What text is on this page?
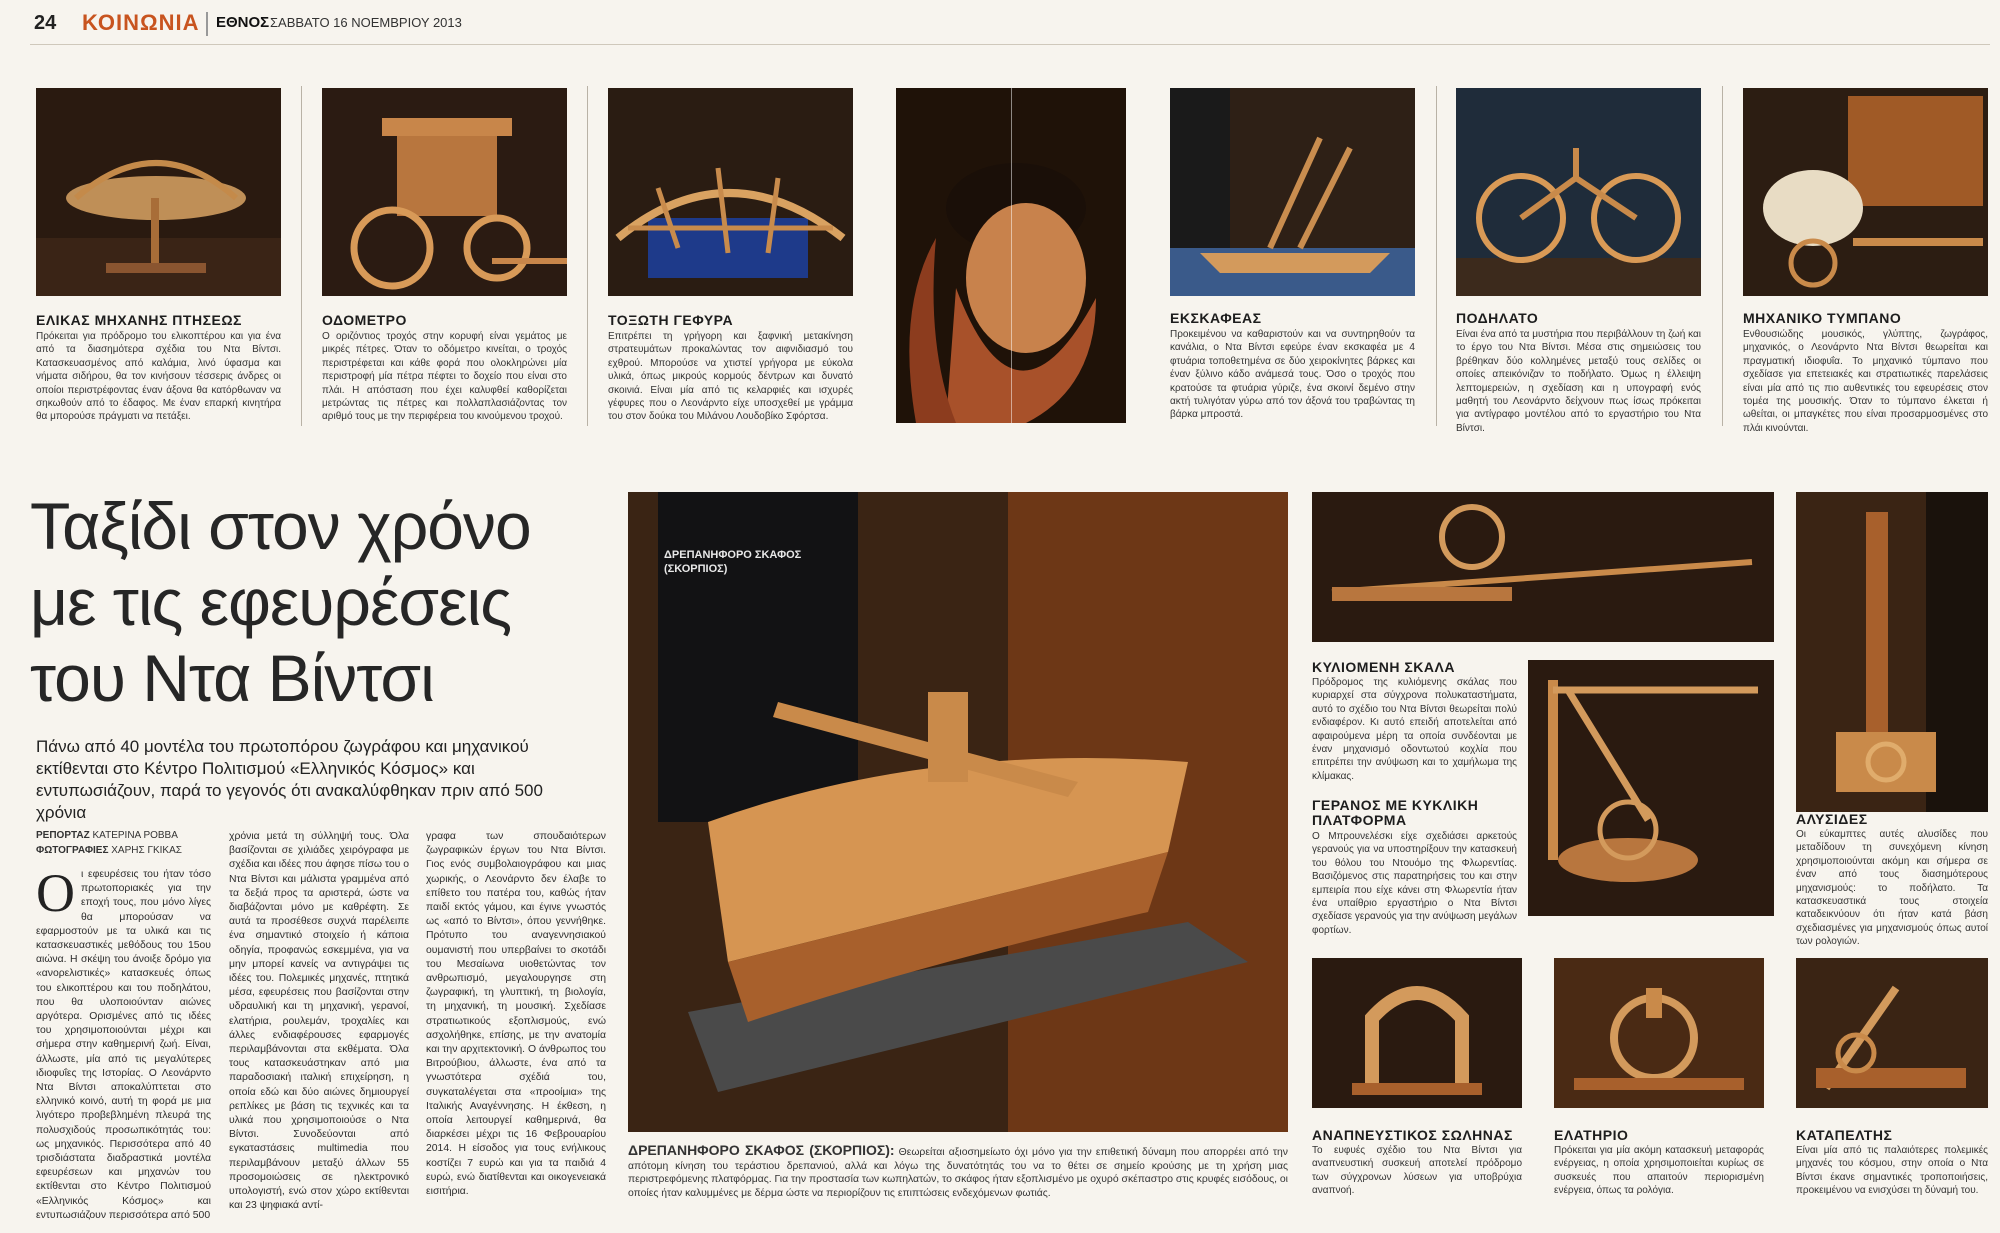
24 ΚΟΙΝΩΝΙΑ ΕΘΝΟΣ ΣΑΒΒΑΤΟ 16 ΝΟΕΜΒΡΙΟΥ 2013
ΕΛΙΚΑΣ ΜΗΧΑΝΗΣ ΠΤΗΣΕΩΣ
Πρόκειται για πρόδρομο του ελικοπτέρου και για ένα από τα διασημότερα σχέδια του Ντα Βίντσι. Κατασκευασμένος από καλάμια, λινό ύφασμα και νήματα σιδήρου, θα τον κινήσουν τέσσερις άνδρες οι οποίοι περιστρέφοντας έναν άξονα θα κατόρθωναν να σηκωθούν από το έδαφος. Με έναν επαρκή κινητήρα θα μπορούσε πράγματι να πετάξει.
ΟΔΟΜΕΤΡΟ
Ο οριζόντιος τροχός στην κορυφή είναι γεμάτος με μικρές πέτρες. Όταν το οδόμετρο κινείται, ο τροχός περιστρέφεται και κάθε φορά που ολοκληρώνει μία περιστροφή μία πέτρα πέφτει το δοχείο που είναι στο πλάι. Η απόσταση που έχει καλυφθεί καθορίζεται μετρώντας τις πέτρες και πολλαπλασιάζοντας τον αριθμό τους με την περιφέρεια του κινούμενου τροχού.
ΤΟΞΩΤΗ ΓΕΦΥΡΑ
Επιτρέπει τη γρήγορη και ξαφνική μετακίνηση στρατευμάτων προκαλώντας τον αιφνιδιασμό του εχθρού. Μπορούσε να χτιστεί γρήγορα με εύκολα υλικά, όπως μικρούς κορμούς δέντρων και δυνατό σκοινιά. Είναι μία από τις κελαρφιές και ισχυρές γέφυρες που ο Λεονάρντο είχε υποσχεθεί με γράμμα του στον δούκα του Μιλάνου Λουδοβίκο Σφόρτσα.
ΕΚΣΚΑΦΕΑΣ
Προκειμένου να καθαριστούν και να συντηρηθούν τα κανάλια, ο Ντα Βίντσι εφεύρε έναν εκσκαφέα με 4 φτυάρια τοποθετημένα σε δύο χειροκίνητες βάρκες και έναν ξύλινο κάδο ανάμεσά τους. Όσο ο τροχός που κρατούσε τα φτυάρια γύριζε, ένα σκοινί δεμένο στην ακτή τυλιγόταν γύρω από τον άξονά του τραβώντας τη βάρκα μπροστά.
ΠΟΔΗΛΑΤΟ
Είναι ένα από τα μυστήρια που περιβάλλουν τη ζωή και το έργο του Ντα Βίντσι. Μέσα στις σημειώσεις του βρέθηκαν δύο κολλημένες μεταξύ τους σελίδες οι οποίες απεικόνιζαν το ποδήλατο. Όμως η έλλειψη λεπτομερειών, η σχεδίαση και η υπογραφή ενός μαθητή του Λεονάρντο δείχνουν πως ίσως πρόκειται για αντίγραφο μοντέλου από το εργαστήριο του Ντα Βίντσι.
ΜΗΧΑΝΙΚΟ ΤΥΜΠΑΝΟ
Ενθουσιώδης μουσικός, γλύπτης, ζωγράφος, μηχανικός, ο Λεονάρντο Ντα Βίντσι θεωρείται και πραγματική ιδιοφυΐα. Το μηχανικό τύμπανο που σχεδίασε για επετειακές και στρατιωτικές παρελάσεις είναι μία από τις πιο αυθεντικές του εφευρέσεις στον τομέα της μουσικής. Όταν το τύμπανο έλκεται ή ωθείται, οι μπαγκέτες που είναι προσαρμοσμένες στο πλάι κινούνται.
Ταξίδι στον χρόνο με τις εφευρέσεις του Ντα Βίντσι
Πάνω από 40 μοντέλα του πρωτοπόρου ζωγράφου και μηχανικού εκτίθενται στο Κέντρο Πολιτισμού «Ελληνικός Κόσμος» και εντυπωσιάζουν, παρά το γεγονός ότι ανακαλύφθηκαν πριν από 500 χρόνια
ΡΕΠΟΡΤΑΖ ΚΑΤΕΡΙΝΑ ΡΟΒΒΑ
ΦΩΤΟΓΡΑΦΙΕΣ ΧΑΡΗΣ ΓΚΙΚΑΣ
Οι εφευρέσεις του ήταν τόσο πρωτοποριακές για την εποχή τους, που μόνο λίγες θα μπορούσαν να εφαρμοστούν με τα υλικά και τις κατασκευαστικές μεθόδους του 15ου αιώνα. Η σκέψη του άνοιξε δρόμο για «ανορελιστικές» κατασκευές όπως του ελικοπτέρου και του ποδηλάτου, που θα υλοποιούνταν αιώνες αργότερα. Ορισμένες από τις ιδέες του χρησιμοποιούνται μέχρι και σήμερα στην καθημερινή ζωή. Είναι, άλλωστε, μία από τις μεγαλύτερες ιδιοφυΐες της Ιστορίας. Ο Λεονάρντο Ντα Βίντσι αποκαλύπτεται στο ελληνικό κοινό, αυτή τη φορά με μια λιγότερο προβεβλημένη πλευρά της πολυσχιδούς προσωπικότητάς του: ως μηχανικός. Περισσότερα από 40 τρισδιάστατα διαδραστικά μοντέλα εφευρέσεων και μηχανών του εκτίθενται στο Κέντρο Πολιτισμού «Ελληνικός Κόσμος» και εντυπωσιάζουν περισσότερα από 500
χρόνια μετά τη σύλληψή τους. Όλα βασίζονται σε χιλιάδες χειρόγραφα με σχέδια και ιδέες που άφησε πίσω του ο Ντα Βίντσι και μάλιστα γραμμένα από τα δεξιά προς τα αριστερά, ώστε να διαβάζονται μόνο με καθρέφτη. Σε αυτά τα προσέθεσε συχνά παρέλειπε ένα σημαντικό στοιχείο ή κάποια οδηγία, προφανώς εσκεμμένα, για να μην μπορεί κανείς να αντιγράψει τις ιδέες του. Πολεμικές μηχανές, πτητικά μέσα, εφευρέσεις που βασίζονται στην υδραυλική και τη μηχανική, γερανοί, ελατήρια, ρουλεμάν, τροχαλίες και άλλες ενδιαφέρουσες εφαρμογές περιλαμβάνονται στα εκθέματα. Όλα τους κατασκευάστηκαν από μια παραδοσιακή ιταλική επιχείρηση, η οποία εδώ και δύο αιώνες δημιουργεί ρεπλίκες με βάση τις τεχνικές και τα υλικά που χρησιμοποιούσε ο Ντα Βίντσι. Συνοδεύονται από εγκαταστάσεις multimedia που περιλαμβάνουν μεταξύ άλλων 55 προσομοιώσεις σε ηλεκτρονικό υπολογιστή, ενώ στον χώρο εκτίθενται και 23 ψηφιακά αντί-
γραφα των σπουδαιότερων ζωγραφικών έργων του Ντα Βίντσι. Γιος ενός συμβολαιογράφου και μιας χωρικής, ο Λεονάρντο δεν έλαβε το επίθετο του πατέρα του, καθώς ήταν παιδί εκτός γάμου, και έγινε γνωστός ως «από το Βίντσι», όπου γεννήθηκε. Πρότυπο του αναγεννησιακού ουμανιστή που υπερβαίνει το σκοτάδι του Μεσαίωνα υιοθετώντας τον ανθρωπισμό, μεγαλουργησε στη ζωγραφική, τη γλυπτική, τη βιολογία, τη μηχανική, τη μουσική. Σχεδίασε στρατιωτικούς εξοπλισμούς, ενώ ασχολήθηκε, επίσης, με την ανατομία και την αρχιτεκτονική. Ο άνθρωπος του Βιτρούβιου, άλλωστε, ένα από τα γνωστότερα σχέδιά του, συγκαταλέγεται στα «προοίμια» της Ιταλικής Αναγέννησης. Η έκθεση, η οποία λειτουργεί καθημερινά, θα διαρκέσει μέχρι τις 16 Φεβρουαρίου 2014. Η είσοδος για τους ενήλικους κοστίζει 7 ευρώ και για τα παιδιά 4 ευρώ, ενώ διατίθενται και οικογενειακά εισιτήρια.
ΔΡΕΠΑΝΗΦΟΡΟ ΣΚΑΦΟΣ (ΣΚΟΡΠΙΟΣ)
ΔΡΕΠΑΝΗΦΟΡΟ ΣΚΑΦΟΣ (ΣΚΟΡΠΙΟΣ): Θεωρείται αξιοσημείωτο όχι μόνο για την επιθετική δύναμη που απορρέει από την απότομη κίνηση του τεράστιου δρεπανιού, αλλά και λόγω της δυνατότητάς του να το θέτει σε σημείο κρούσης με τη χρήση μιας περιστρεφόμενης πλατφόρμας. Για την προστασία των κωπηλατών, το σκάφος ήταν εξοπλισμένο με οχυρό σκέπαστρο στις κρυφές εισόδους, οι οποίες ήταν καλυμμένες με δέρμα ώστε να περιορίζουν τις επιπτώσεις ενδεχόμενων φωτιάς.
ΚΥΛΙΟΜΕΝΗ ΣΚΑΛΑ
Πρόδρομος της κυλιόμενης σκάλας που κυριαρχεί στα σύγχρονα πολυκαταστήματα, αυτό το σχέδιο του Ντα Βίντσι θεωρείται πολύ ενδιαφέρον. Κι αυτό επειδή αποτελείται από αφαιρούμενα μέρη τα οποία συνδέονται με έναν μηχανισμό οδοντωτού κοχλία που επιτρέπει την ανύψωση και το χαμήλωμα της κλίμακας.
ΓΕΡΑΝΟΣ ΜΕ ΚΥΚΛΙΚΗ ΠΛΑΤΦΟΡΜΑ
Ο Μπρουνελέσκι είχε σχεδιάσει αρκετούς γερανούς για να υποστηρίξουν την κατασκευή του θόλου του Ντουόμο της Φλωρεντίας. Βασιζόμενος στις παρατηρήσεις του και στην εμπειρία που είχε κάνει στη Φλωρεντία ήταν ένα υπαίθριο εργαστήριο ο Ντα Βίντσι σχεδίασε γερανούς για την ανύψωση μεγάλων φορτίων.
ΑΛΥΣΙΔΕΣ
Οι εύκαμπτες αυτές αλυσίδες που μεταδίδουν τη συνεχόμενη κίνηση χρησιμοποιούνται ακόμη και σήμερα σε έναν από τους διασημότερους μηχανισμούς: το ποδήλατο. Τα κατασκευαστικά τους στοιχεία καταδεικνύουν ότι ήταν κατά βάση σχεδιασμένες για μηχανισμούς όπως αυτοί των ρολογιών.
ΑΝΑΠΝΕΥΣΤΙΚΟΣ ΣΩΛΗΝΑΣ
Το ευφυές σχέδιο του Ντα Βίντσι για αναπνευστική συσκευή αποτελεί πρόδρομο των σύγχρονων λύσεων για υποβρύχια αναπνοή.
ΕΛΑΤΗΡΙΟ
Πρόκειται για μία ακόμη κατασκευή μεταφοράς ενέργειας, η οποία χρησιμοποιείται κυρίως σε συσκευές που απαιτούν περιορισμένη ενέργεια, όπως τα ρολόγια.
ΚΑΤΑΠΕΛΤΗΣ
Είναι μία από τις παλαιότερες πολεμικές μηχανές του κόσμου, στην οποία ο Ντα Βίντσι έκανε σημαντικές τροποποιήσεις, προκειμένου να ενισχύσει τη δύναμή του.
